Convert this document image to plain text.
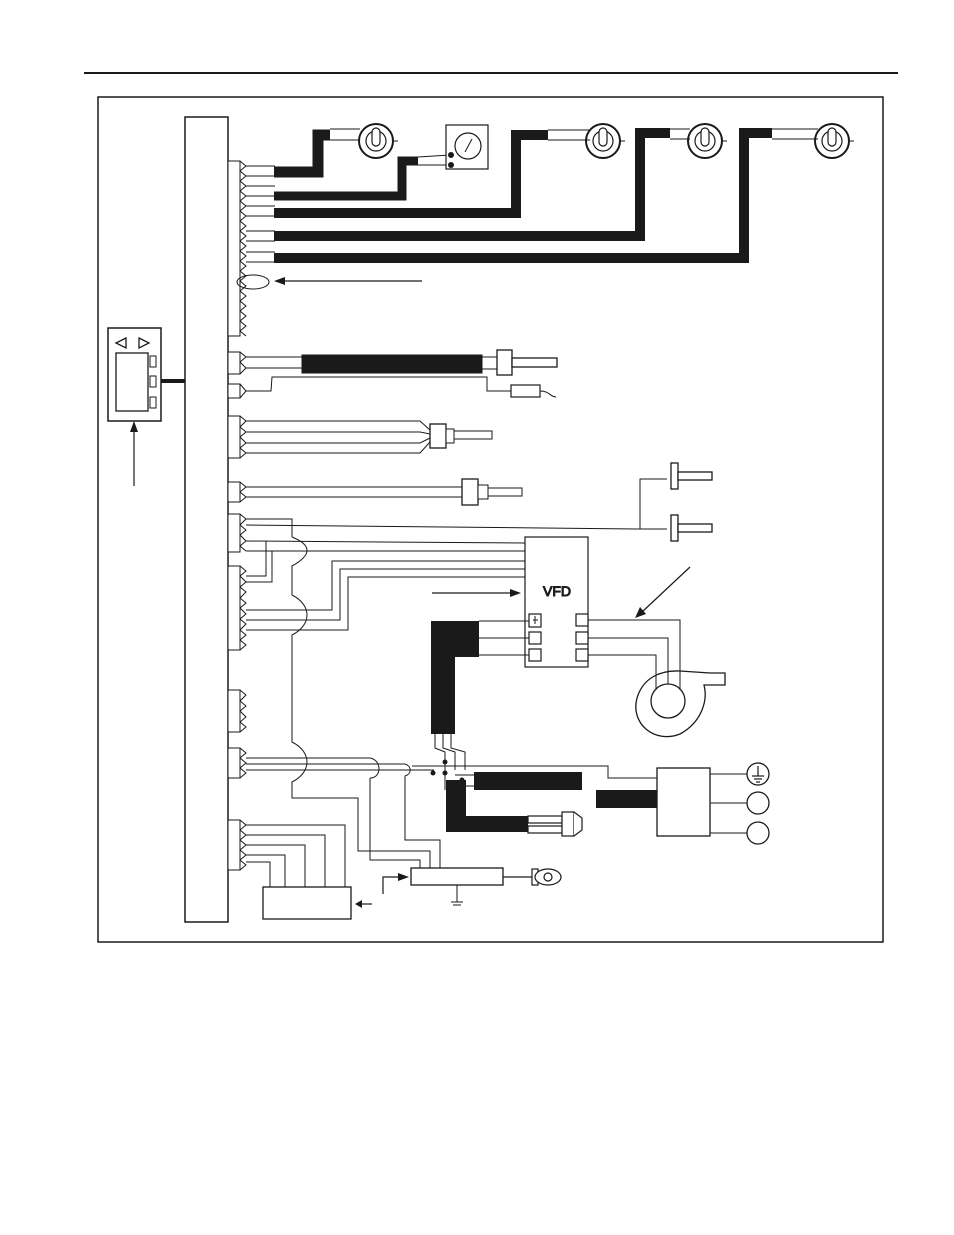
VFD
